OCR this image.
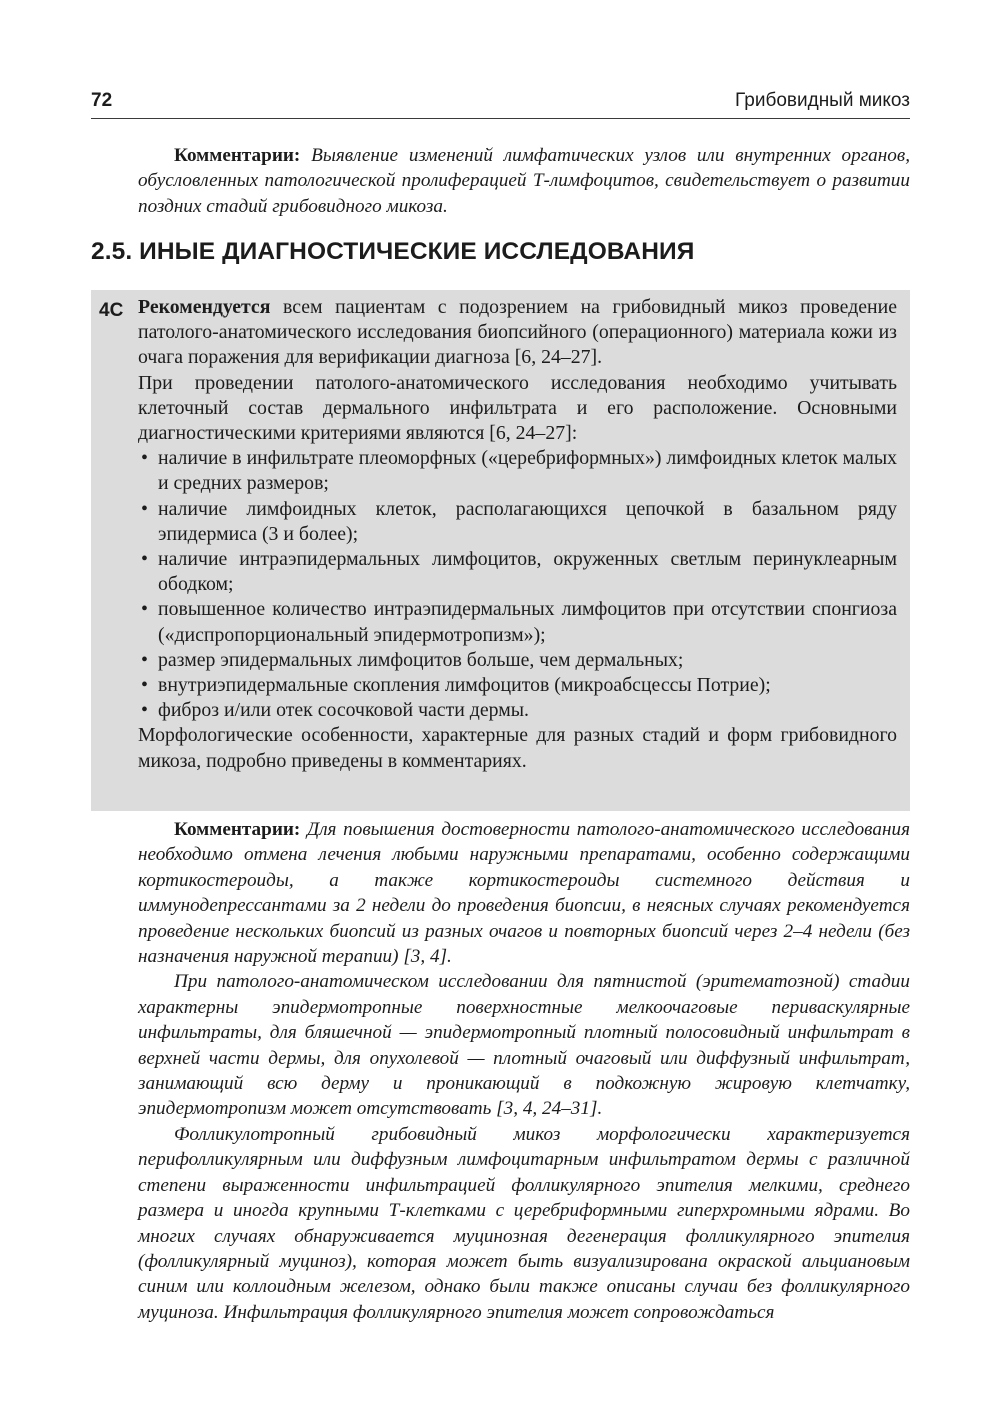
72	Грибовидный микоз

Комментарии: Выявление изменений лимфатических узлов или внутренних органов, обусловленных патологической пролиферацией Т-лимфоцитов, свидетельствует о развитии поздних стадий грибовидного микоза.

2.5. ИНЫЕ ДИАГНОСТИЧЕСКИЕ ИССЛЕДОВАНИЯ
4C Рекомендуется всем пациентам с подозрением на грибовидный микоз проведение патолого-анатомического исследования биопсийного (операционного) материала кожи из очага поражения для верификации диагноза [6, 24–27].

При проведении патолого-анатомического исследования необходимо учитывать клеточный состав дермального инфильтрата и его расположение. Основными диагностическими критериями являются [6, 24–27]:

• наличие в инфильтрате плеоморфных («церебриформных») лимфоидных клеток малых и средних размеров;
• наличие лимфоидных клеток, располагающихся цепочкой в базальном ряду эпидермиса (3 и более);
• наличие интраэпидермальных лимфоцитов, окруженных светлым перинуклеарным ободком;
• повышенное количество интраэпидермальных лимфоцитов при отсутствии спонгиоза («диспропорциональный эпидермотропизм»);
• размер эпидермальных лимфоцитов больше, чем дермальных;
• внутриэпидермальные скопления лимфоцитов (микроабсцессы Потрие);
• фиброз и/или отек сосочковой части дермы.

Морфологические особенности, характерные для разных стадий и форм грибовидного микоза, подробно приведены в комментариях.

Комментарии: Для повышения достоверности патолого-анатомического исследования необходимо отмена лечения любыми наружными препаратами, особенно содержащими кортикостероиды, а также кортикостероиды системного действия и иммунодепрессантами за 2 недели до проведения биопсии, в неясных случаях рекомендуется проведение нескольких биопсий из разных очагов и повторных биопсий через 2–4 недели (без назначения наружной терапии) [3, 4].

При патолого-анатомическом исследовании для пятнистой (эритематозной) стадии характерны эпидермотропные поверхностные мелкоочаговые периваскулярные инфильтраты, для бляшечной — эпидермотропный плотный полосовидный инфильтрат в верхней части дермы, для опухолевой — плотный очаговый или диффузный инфильтрат, занимающий всю дерму и проникающий в подкожную жировую клетчатку, эпидермотропизм может отсутствовать [3, 4, 24–31].

Фолликулотропный грибовидный микоз морфологически характеризуется перифолликулярным или диффузным лимфоцитарным инфильтратом дермы с различной степени выраженности инфильтрацией фолликулярного эпителия мелкими, среднего размера и иногда крупными Т-клетками с церебриформными гиперхромными ядрами. Во многих случаях обнаруживается муцинозная дегенерация фолликулярного эпителия (фолликулярный муциноз), которая может быть визуализирована окраской альциановым синим или коллоидным железом, однако были также описаны случаи без фолликулярного муциноза. Инфильтрация фолликулярного эпителия может сопровождаться
